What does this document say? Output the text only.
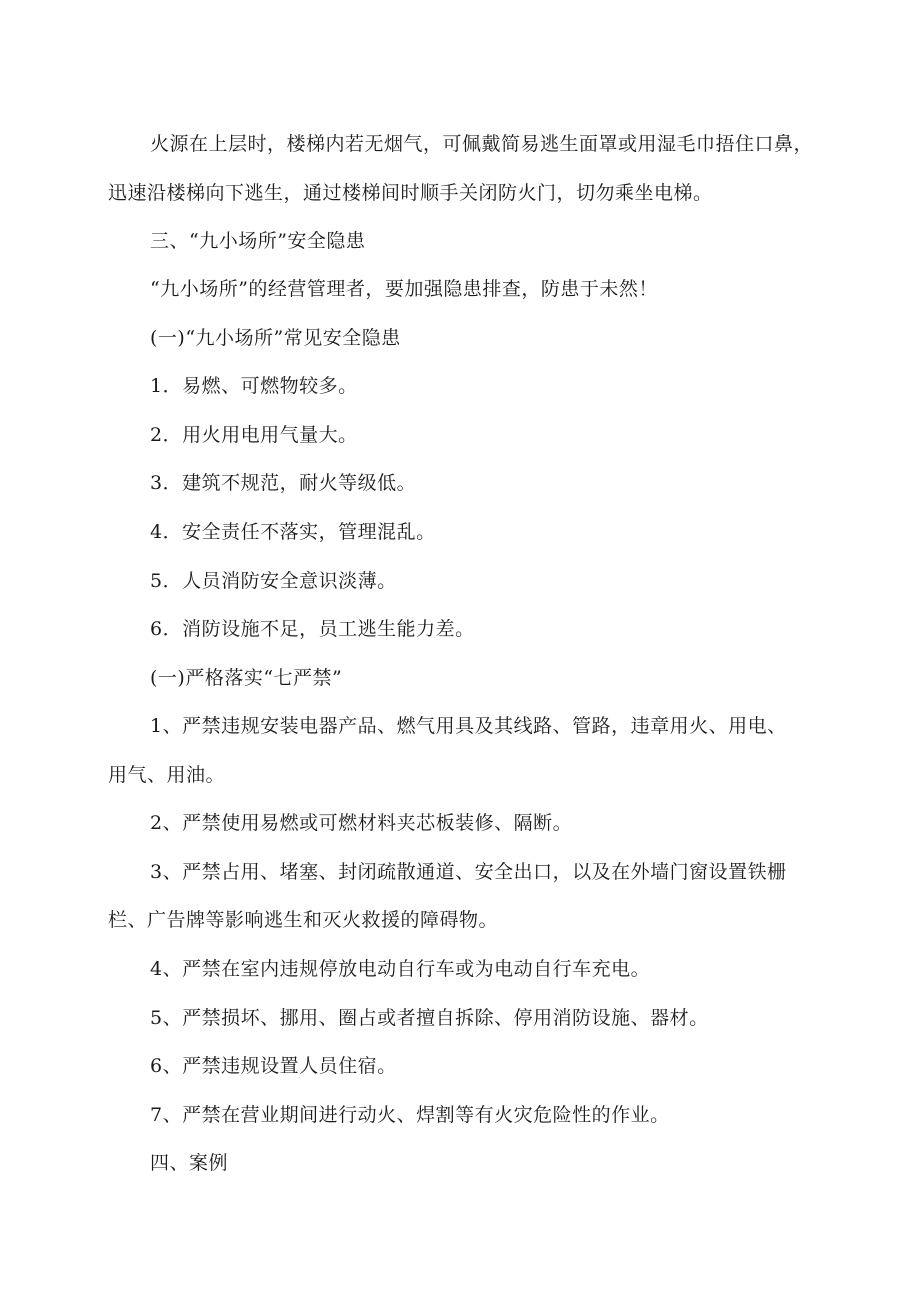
火源在上层时，楼梯内若无烟气，可佩戴简易逃生面罩或用湿毛巾捂住口鼻，
迅速沿楼梯向下逃生，通过楼梯间时顺手关闭防火门，切勿乘坐电梯。
三、“九小场所”安全隐患
“九小场所”的经营管理者，要加强隐患排查，防患于未然！
(一)“九小场所”常见安全隐患
1．易燃、可燃物较多。
2．用火用电用气量大。
3．建筑不规范，耐火等级低。
4．安全责任不落实，管理混乱。
5．人员消防安全意识淡薄。
6．消防设施不足，员工逃生能力差。
(一)严格落实“七严禁”
1、严禁违规安装电器产品、燃气用具及其线路、管路，违章用火、用电、
用气、用油。
2、严禁使用易燃或可燃材料夹芯板装修、隔断。
3、严禁占用、堵塞、封闭疏散通道、安全出口，以及在外墙门窗设置铁栅
栏、广告牌等影响逃生和灭火救援的障碍物。
4、严禁在室内违规停放电动自行车或为电动自行车充电。
5、严禁损坏、挪用、圈占或者擅自拆除、停用消防设施、器材。
6、严禁违规设置人员住宿。
7、严禁在营业期间进行动火、焊割等有火灾危险性的作业。
四、案例
